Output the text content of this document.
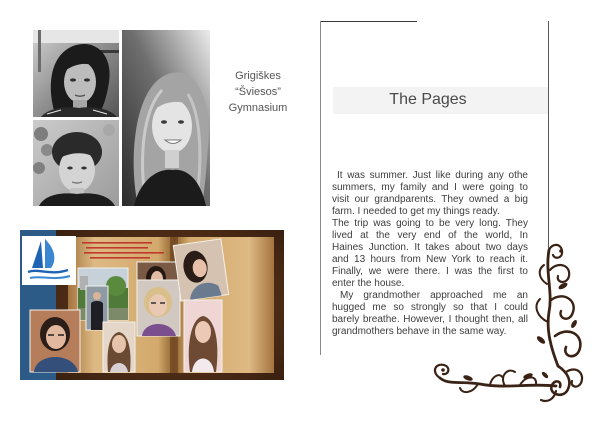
Grigiškes
“Šviesos”
Gymnasium	The Pages
It was summer. Just like during any othe
summers, my family and I were going to
visit our grandparents. They owned a big
farm. I needed to get my things ready.
The trip was going to be very long. They
lived at the very end of the world, In
Haines Junction. It takes about two days
and 13 hours from New York to reach it.
Finally, we were there. I was the first to
enter the house.
My grandmother approached me an
hugged me so strongly so that I could
barely breathe. However, I thought then, all
grandmothers behave in the same way.
